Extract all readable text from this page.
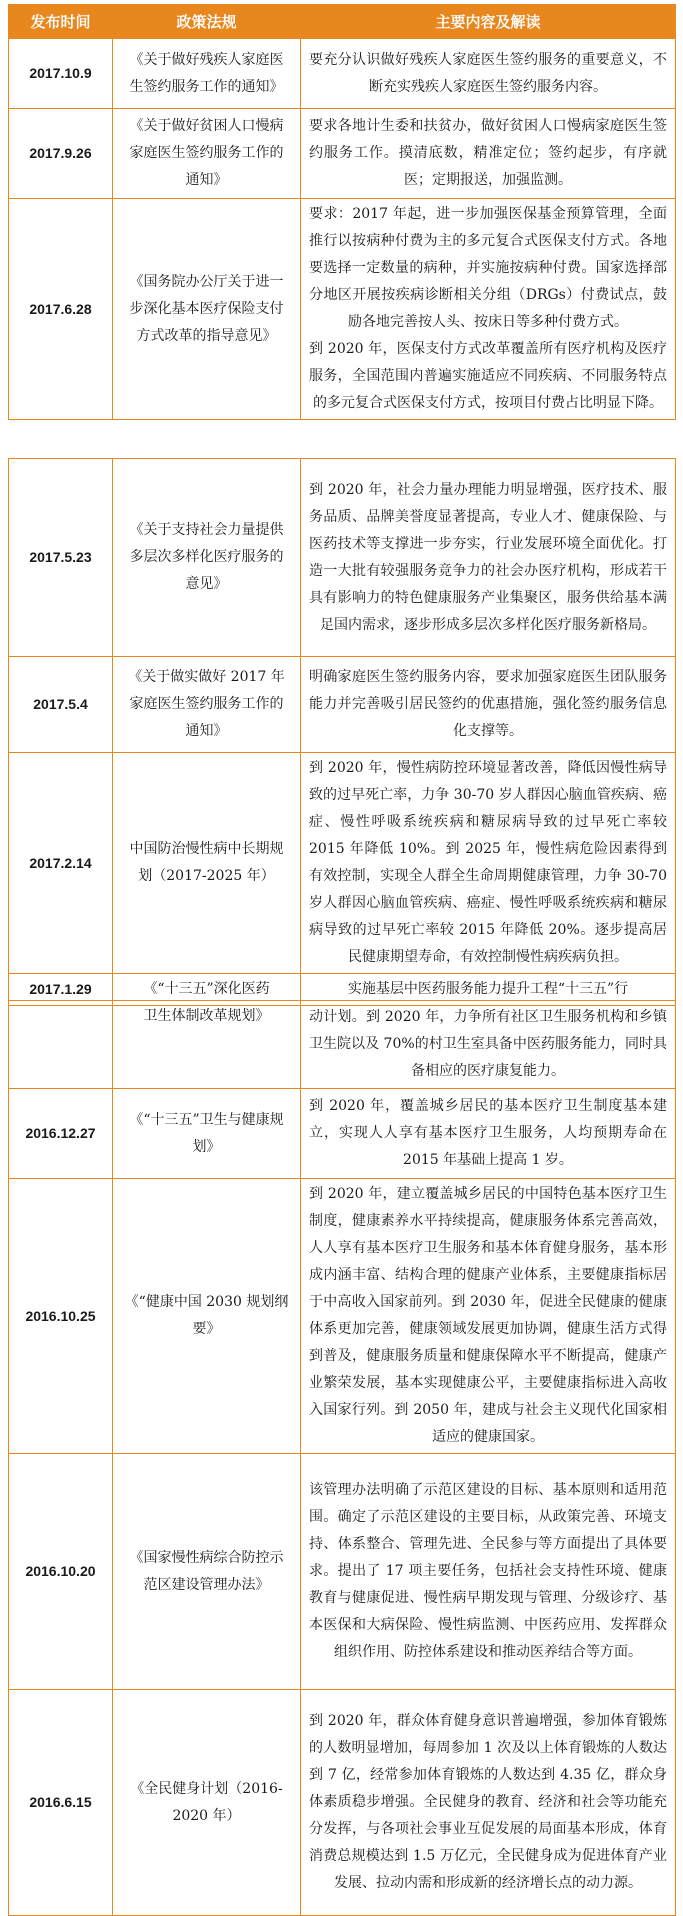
发布时间	政策法规	主要内容及解读
2017.10.9	《关于做好残疾人家庭医生签约服务工作的通知》	要充分认识做好残疾人家庭医生签约服务的重要意义，不断充实残疾人家庭医生签约服务内容。
2017.9.26	《关于做好贫困人口慢病家庭医生签约服务工作的通知》	要求各地计生委和扶贫办，做好贫困人口慢病家庭医生签约服务工作。摸清底数，精准定位；签约起步，有序就医；定期报送，加强监测。
2017.6.28	《国务院办公厅关于进一步深化基本医疗保险支付方式改革的指导意见》	要求：2017 年起，进一步加强医保基金预算管理，全面推行以按病种付费为主的多元复合式医保支付方式。各地要选择一定数量的病种，并实施按病种付费。国家选择部分地区开展按疾病诊断相关分组（DRGs）付费试点，鼓励各地完善按人头、按床日等多种付费方式。
到 2020 年，医保支付方式改革覆盖所有医疗机构及医疗服务，全国范围内普遍实施适应不同疾病、不同服务特点的多元复合式医保支付方式，按项目付费占比明显下降。
2017.5.23	《关于支持社会力量提供多层次多样化医疗服务的意见》	到 2020 年，社会力量办理能力明显增强，医疗技术、服务品质、品牌美誉度显著提高，专业人才、健康保险、与医药技术等支撑进一步夯实，行业发展环境全面优化。打造一大批有较强服务竞争力的社会办医疗机构，形成若干具有影响力的特色健康服务产业集聚区，服务供给基本满足国内需求，逐步形成多层次多样化医疗服务新格局。
2017.5.4	《关于做实做好 2017 年家庭医生签约服务工作的通知》	明确家庭医生签约服务内容，要求加强家庭医生团队服务能力并完善吸引居民签约的优惠措施，强化签约服务信息化支撑等。
2017.2.14	中国防治慢性病中长期规划（2017-2025 年）	到 2020 年，慢性病防控环境显著改善，降低因慢性病导致的过早死亡率，力争 30-70 岁人群因心脑血管疾病、癌症、慢性呼吸系统疾病和糖尿病导致的过早死亡率较 2015 年降低 10%。到 2025 年，慢性病危险因素得到有效控制，实现全人群全生命周期健康管理，力争 30-70 岁人群因心脑血管疾病、癌症、慢性呼吸系统疾病和糖尿病导致的过早死亡率较 2015 年降低 20%。逐步提高居民健康期望寿命，有效控制慢性病疾病负担。
2017.1.29	《“十三五”深化医药	实施基层中医药服务能力提升工程“十三五”行
	卫生体制改革规划》	动计划。到 2020 年，力争所有社区卫生服务机构和乡镇卫生院以及 70%的村卫生室具备中医药服务能力，同时具备相应的医疗康复能力。
2016.12.27	《“十三五”卫生与健康规划》	到 2020 年，覆盖城乡居民的基本医疗卫生制度基本建立，实现人人享有基本医疗卫生服务，人均预期寿命在 2015 年基础上提高 1 岁。
2016.10.25	《“健康中国 2030 规划纲要》	到 2020 年，建立覆盖城乡居民的中国特色基本医疗卫生制度，健康素养水平持续提高，健康服务体系完善高效，人人享有基本医疗卫生服务和基本体育健身服务，基本形成内涵丰富、结构合理的健康产业体系，主要健康指标居于中高收入国家前列。到 2030 年，促进全民健康的健康体系更加完善，健康领域发展更加协调，健康生活方式得到普及，健康服务质量和健康保障水平不断提高，健康产业繁荣发展，基本实现健康公平，主要健康指标进入高收入国家行列。到 2050 年，建成与社会主义现代化国家相适应的健康国家。
2016.10.20	《国家慢性病综合防控示范区建设管理办法》	该管理办法明确了示范区建设的目标、基本原则和适用范围。确定了示范区建设的主要目标，从政策完善、环境支持、体系整合、管理先进、全民参与等方面提出了具体要求。提出了 17 项主要任务，包括社会支持性环境、健康教育与健康促进、慢性病早期发现与管理、分级诊疗、基本医保和大病保险、慢性病监测、中医药应用、发挥群众组织作用、防控体系建设和推动医养结合等方面。
2016.6.15	《全民健身计划（2016-2020 年）	到 2020 年，群众体育健身意识普遍增强，参加体育锻炼的人数明显增加，每周参加 1 次及以上体育锻炼的人数达到 7 亿，经常参加体育锻炼的人数达到 4.35 亿，群众身体素质稳步增强。全民健身的教育、经济和社会等功能充分发挥，与各项社会事业互促发展的局面基本形成，体育消费总规模达到 1.5 万亿元，全民健身成为促进体育产业发展、拉动内需和形成新的经济增长点的动力源。
